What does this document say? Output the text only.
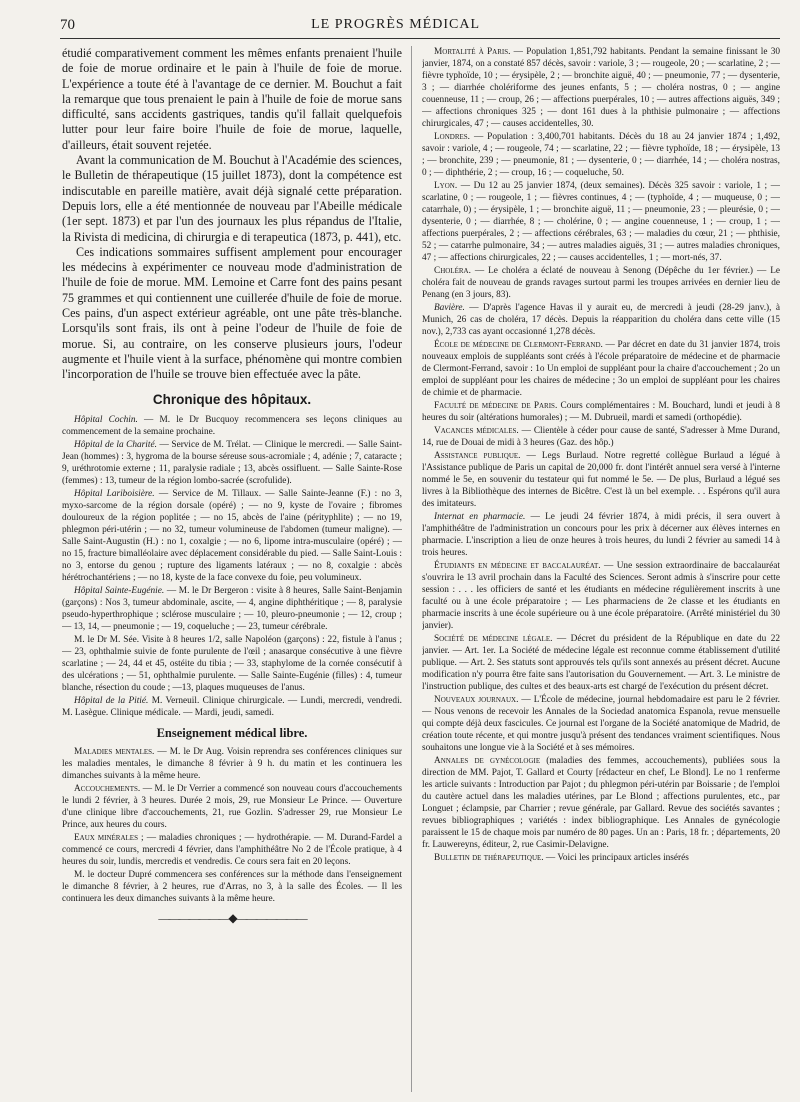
70	LE PROGRÈS MÉDICAL

étudié comparativement comment les mêmes enfants prenaient l'huile de foie de morue ordinaire et le pain à l'huile de foie de morue. L'expérience a toute été à l'avantage de ce dernier. M. Bouchut a fait la remarque que tous prenaient le pain à l'huile de foie de morue sans difficulté, sans accidents gastriques, tandis qu'il fallait quelquefois lutter pour leur faire boire l'huile de foie de morue, laquelle, d'ailleurs, était souvent rejetée.

Avant la communication de M. Bouchut à l'Académie des sciences, le Bulletin de thérapeutique (15 juillet 1873), dont la compétence est indiscutable en pareille matière, avait déjà signalé cette préparation. Depuis lors, elle a été mentionnée de nouveau par l'Abeille médicale (1er sept. 1873) et par l'un des journaux les plus répandus de l'Italie, la Rivista di medicina, di chirurgia e di terapeutica (1873, p. 441), etc.

Ces indications sommaires suffisent amplement pour encourager les médecins à expérimenter ce nouveau mode d'administration de l'huile de foie de morue. MM. Lemoine et Carre font des pains pesant 75 grammes et qui contiennent une cuillerée d'huile de foie de morue. Ces pains, d'un aspect extérieur agréable, ont une pâte très-blanche. Lorsqu'ils sont frais, ils ont à peine l'odeur de l'huile de foie de morue. Si, au contraire, on les conserve plusieurs jours, l'odeur augmente et l'huile vient à la surface, phénomène qui montre combien l'incorporation de l'huile se trouve bien effectuée avec la pâte.

Chronique des hôpitaux.

Hôpital Cochin. — M. le Dr Bucquoy recommencera ses leçons cliniques au commencement de la semaine prochaine.

Hôpital de la Charité. — Service de M. Trélat. — Clinique le mercredi. — Salle Saint-Jean (hommes) : 3, hygroma de la bourse séreuse sous-acromiale ; 4, adénie ; 7, cataracte ; 9, uréthrotomie externe ; 11, paralysie radiale ; 13, abcès ossifluent. — Salle Sainte-Rose (femmes) : 13, tumeur de la région lombo-sacrée (scrofulide).

Hôpital Lariboisière. — Service de M. Tillaux. — Salle Sainte-Jeanne (F.) : no 3, myxo-sarcome de la région dorsale (opéré) ; — no 9, kyste de l'ovaire ; fibromes douloureux de la région poplitée ; — no 15, abcès de l'aine (pérityphlite) ; — no 19, phlegmon péri-utérin ; — no 32, tumeur volumineuse de l'abdomen (tumeur maligne). — Salle Saint-Augustin (H.) : no 1, coxalgie ; — no 6, lipome intra-musculaire (opéré) ; — no 15, fracture bimalléolaire avec déplacement considérable du pied. — Salle Saint-Louis : no 3, entorse du genou ; rupture des ligaments latéraux ; — no 8, coxalgie : abcès hérétrochantériens ; — no 18, kyste de la face convexe du foie, peu volumineux.

Hôpital Sainte-Eugénie. — M. le Dr Bergeron : visite à 8 heures, Salle Saint-Benjamin (garçons) : Nos 3, tumeur abdominale, ascite, — 4, angine diphthéritique ; — 8, paralysie pseudo-hyperthrophique ; sclérose musculaire ; — 10, pleuro-pneumonie ; — 12, croup ; — 13, 14, — pneumonie ; — 19, coqueluche ; — 23, tumeur cérébrale.

M. le Dr M. Sée. Visite à 8 heures 1/2, salle Napoléon (garçons) : 22, fistule à l'anus ; — 23, ophthalmie suivie de fonte purulente de l'œil ; anasarque consécutive à une fièvre scarlatine ; — 24, 44 et 45, ostéite du tibia ; — 33, staphylome de la cornée consécutif à des ulcérations ; — 51, ophthalmie purulente. — Salle Sainte-Eugénie (filles) : 4, tumeur blanche, résection du coude ; —13, plaques muqueuses de l'anus.

Hôpital de la Pitié. M. Verneuil. Clinique chirurgicale. — Lundi, mercredi, vendredi. M. Lasègue. Clinique médicale. — Mardi, jeudi, samedi.

Enseignement médical libre.

Maladies mentales. — M. le Dr Aug. Voisin reprendra ses conférences cliniques sur les maladies mentales, le dimanche 8 février à 9 h. du matin et les continuera les dimanches suivants à la même heure.

Accouchements. — M. le Dr Verrier a commencé son nouveau cours d'accouchements le lundi 2 février, à 3 heures. Durée 2 mois, 29, rue Monsieur Le Prince. — Ouverture d'une clinique libre d'accouchements, 21, rue Gozlin. S'adresser 29, rue Monsieur Le Prince, aux heures du cours.

Eaux minérales ; — maladies chroniques ; — hydrothérapie. — M. Durand-Fardel a commencé ce cours, mercredi 4 février, dans l'amphithéâtre No 2 de l'École pratique, à 4 heures du soir, lundis, mercredis et vendredis. Ce cours sera fait en 20 leçons.

M. le docteur Dupré commencera ses conférences sur la méthode dans l'enseignement le dimanche 8 février, à 2 heures, rue d'Arras, no 3, à la salle des Écoles. — Il les continuera les deux dimanches suivants à la même heure.

―――――――◆―――――――

Mortalité à Paris. — Population 1,851,792 habitants. Pendant la semaine finissant le 30 janvier, 1874, on a constaté 857 décès, savoir : variole, 3 ; — rougeole, 20 ; — scarlatine, 2 ; — fièvre typhoïde, 10 ; — érysipèle, 2 ; — bronchite aiguë, 40 ; — pneumonie, 77 ; — dysenterie, 3 ; — diarrhée cholériforme des jeunes enfants, 5 ; — choléra nostras, 0 ; — angine couenneuse, 11 ; — croup, 26 ; — affections puerpérales, 10 ; — autres affections aiguës, 349 ; — affections chroniques 325 ; — dont 161 dues à la phthisie pulmonaire ; — affections chirurgicales, 47 ; — causes accidentelles, 30.

Londres. — Population : 3,400,701 habitants. Décès du 18 au 24 janvier 1874 ; 1,492, savoir : variole, 4 ; — rougeole, 74 ; — scarlatine, 22 ; — fièvre typhoïde, 18 ; — érysipèle, 13 ; — bronchite, 239 ; — pneumonie, 81 ; — dysenterie, 0 ; — diarrhée, 14 ; — choléra nostras, 0 ; — diphthérie, 2 ; — croup, 16 ; — coqueluche, 50.

Lyon. — Du 12 au 25 janvier 1874, (deux semaines). Décès 325 savoir : variole, 1 ; — scarlatine, 0 ; — rougeole, 1 ; — fièvres continues, 4 ; — (typhoïde, 4 ; — muqueuse, 0 ; — catarrhale, 0) ; — érysipèle, 1 ; — bronchite aiguë, 11 ; — pneumonie, 23 ; — pleurésie, 0 ; — dysenterie, 0 ; — diarrhée, 8 ; — cholérine, 0 ; — angine couenneuse, 1 ; — croup, 1 ; — affections puerpérales, 2 ; — affections cérébrales, 63 ; — maladies du cœur, 21 ; — phthisie, 52 ; — catarrhe pulmonaire, 34 ; — autres maladies aiguës, 31 ; — autres maladies chroniques, 47 ; — affections chirurgicales, 22 ; — causes accidentelles, 1 ; — mort-nés, 37.

Choléra. — Le choléra a éclaté de nouveau à Senong (Dépêche du 1er février.) — Le choléra fait de nouveau de grands ravages surtout parmi les troupes arrivées en dernier lieu de Penang (en 3 jours, 83).

Bavière. — D'après l'agence Havas il y aurait eu, de mercredi à jeudi (28-29 janv.), à Munich, 26 cas de choléra, 17 décès. Depuis la réapparition du choléra dans cette ville (15 nov.), 2,733 cas ayant occasionné 1,278 décès.

École de médecine de Clermont-Ferrand. — Par décret en date du 31 janvier 1874, trois nouveaux emplois de suppléants sont créés à l'école préparatoire de médecine et de pharmacie de Clermont-Ferrand, savoir : 1o Un emploi de suppléant pour la chaire d'accouchement ; 2o un emploi de suppléant pour les chaires de médecine ; 3o un emploi de suppléant pour les chaires de chimie et de pharmacie.

Faculté de médecine de Paris. Cours complémentaires : M. Bouchard, lundi et jeudi à 8 heures du soir (altérations humorales) ; — M. Dubrueil, mardi et samedi (orthopédie).

Vacances médicales. — Clientèle à céder pour cause de santé, S'adresser à Mme Durand, 14, rue de Douai de midi à 3 heures (Gaz. des hôp.)

Assistance publique. — Legs Burlaud. Notre regretté collègue Burlaud a légué à l'Assistance publique de Paris un capital de 20,000 fr. dont l'intérêt annuel sera versé à l'interne nommé le 5e, en souvenir du testateur qui fut nommé le 5e. — De plus, Burlaud a légué ses livres à la Bibliothèque des internes de Bicêtre. C'est là un bel exemple. . . Espérons qu'il aura des imitateurs.

Internat en pharmacie. — Le jeudi 24 février 1874, à midi précis, il sera ouvert à l'amphithéâtre de l'administration un concours pour les prix à décerner aux élèves internes en pharmacie. L'inscription a lieu de onze heures à trois heures, du lundi 2 février au samedi 14 à trois heures.

Étudiants en médecine et baccalauréat. — Une session extraordinaire de baccalauréat s'ouvrira le 13 avril prochain dans la Faculté des Sciences. Seront admis à s'inscrire pour cette session : . . . les officiers de santé et les étudiants en médecine régulièrement inscrits à une faculté ou à une école préparatoire ; — Les pharmaciens de 2e classe et les étudiants en pharmacie inscrits à une école supérieure ou à une école préparatoire. (Arrêté ministériel du 30 janvier).

Société de médecine légale. — Décret du président de la République en date du 22 janvier. — Art. 1er. La Société de médecine légale est reconnue comme établissement d'utilité publique. — Art. 2. Ses statuts sont approuvés tels qu'ils sont annexés au présent décret. Aucune modification n'y pourra être faite sans l'autorisation du Gouvernement. — Art. 3. Le ministre de l'instruction publique, des cultes et des beaux-arts est chargé de l'exécution du présent décret.

Nouveaux journaux. — L'École de médecine, journal hebdomadaire est paru le 2 février. — Nous venons de recevoir les Annales de la Sociedad anatomica Espanola, revue mensuelle qui compte déjà deux fascicules. Ce journal est l'organe de la Société anatomique de Madrid, de création toute récente, et qui montre jusqu'à présent des tendances vraiment scientifiques. Nous souhaitons une longue vie à la Société et à ses mémoires.

Annales de gynécologie (maladies des femmes, accouchements), publiées sous la direction de MM. Pajot, T. Gallard et Courty [rédacteur en chef, Le Blond]. Le no 1 renferme les article suivants : Introduction par Pajot ; du phlegmon péri-utérin par Boissarie ; de l'emploi du cautère actuel dans les maladies utérines, par Le Blond ; affections purulentes, etc., par Longuet ; éclampsie, par Charrier ; revue générale, par Gallard. Revue des sociétés savantes ; revues bibliographiques ; variétés : index bibliographique. Les Annales de gynécologie paraissent le 15 de chaque mois par numéro de 80 pages. Un an : Paris, 18 fr. ; départements, 20 fr. Lauwereyns, éditeur, 2, rue Casimir-Delavigne.

Bulletin de thérapeutique. — Voici les principaux articles insérés
